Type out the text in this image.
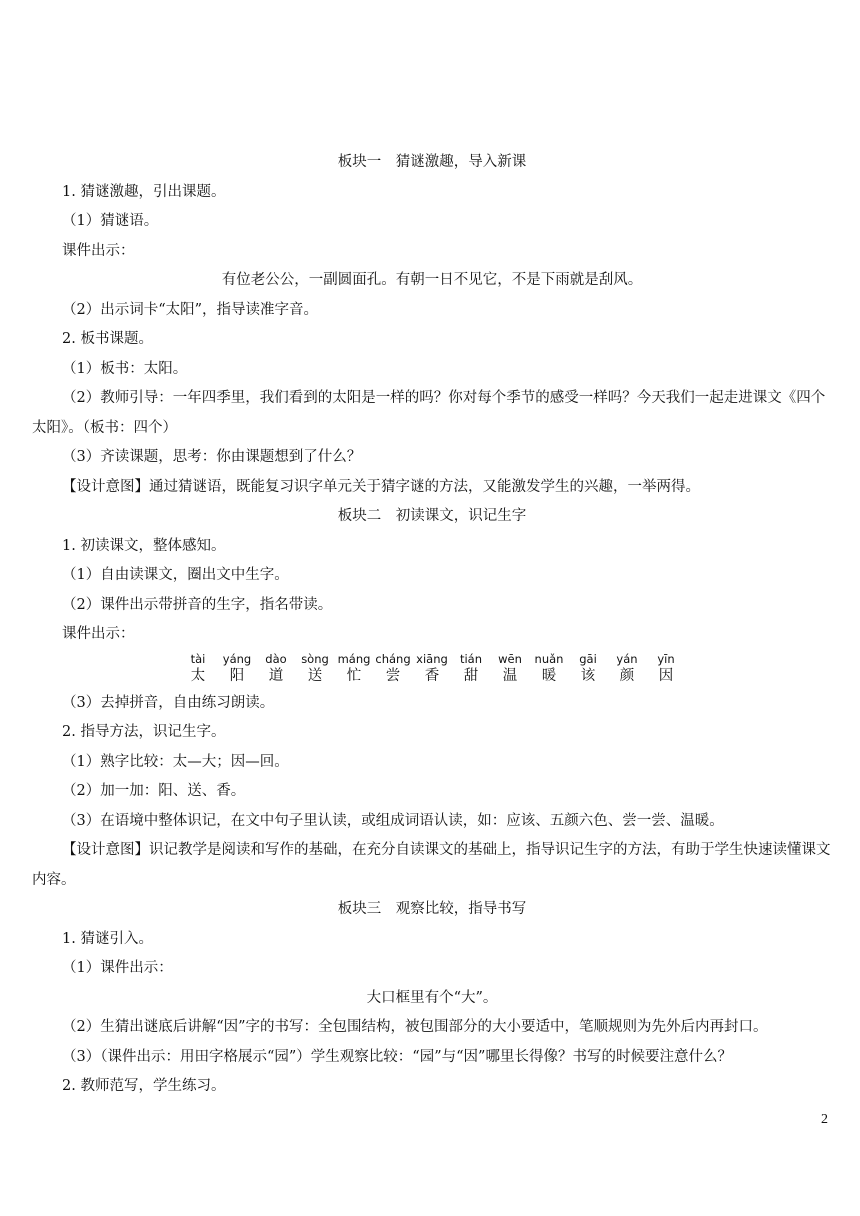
板块一　猜谜激趣，导入新课

1. 猜谜激趣，引出课题。

（1）猜谜语。

课件出示：

有位老公公，一副圆面孔。有朝一日不见它，不是下雨就是刮风。

（2）出示词卡“太阳”，指导读准字音。

2. 板书课题。

（1）板书：太阳。

（2）教师引导：一年四季里，我们看到的太阳是一样的吗？你对每个季节的感受一样吗？今天我们一起走进课文《四个太阳》。（板书：四个）

（3）齐读课题，思考：你由课题想到了什么？

【设计意图】通过猜谜语，既能复习识字单元关于猜字谜的方法，又能激发学生的兴趣，一举两得。

板块二　初读课文，识记生字

1. 初读课文，整体感知。

（1）自由读课文，圈出文中生字。

（2）课件出示带拼音的生字，指名带读。

课件出示：

tài
太
yáng
阳
dào
道
sòng
送
máng
忙
cháng
尝
xiāng
香
tián
甜
wēn
温
nuǎn
暖
gāi
该
yán
颜
yīn
因

（3）去掉拼音，自由练习朗读。

2. 指导方法，识记生字。

（1）熟字比较：太—大；因—回。

（2）加一加：阳、送、香。

（3）在语境中整体识记，在文中句子里认读，或组成词语认读，如：应该、五颜六色、尝一尝、温暖。

【设计意图】识记教学是阅读和写作的基础，在充分自读课文的基础上，指导识记生字的方法，有助于学生快速读懂课文内容。

板块三　观察比较，指导书写

1. 猜谜引入。

（1）课件出示：

大口框里有个“大”。

（2）生猜出谜底后讲解“因”字的书写：全包围结构，被包围部分的大小要适中，笔顺规则为先外后内再封口。

（3）（课件出示：用田字格展示“园”）学生观察比较：“园”与“因”哪里长得像？书写的时候要注意什么？

2. 教师范写，学生练习。

2
